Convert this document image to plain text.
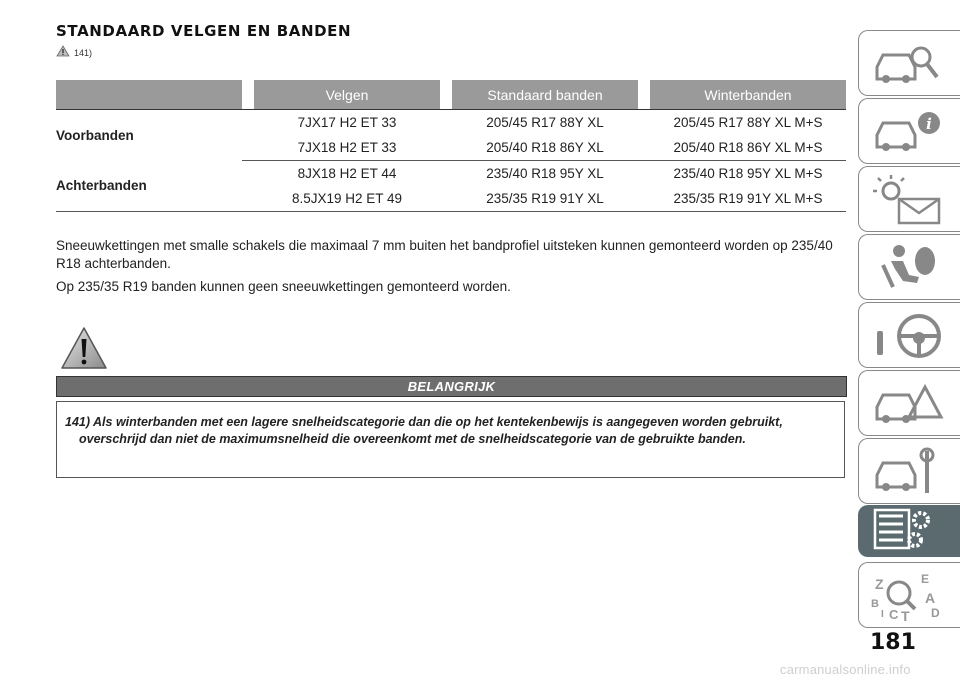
STANDAARD VELGEN EN BANDEN
141)
		Velgen		Standaard banden		Winterbanden
Voorbanden		7JX17 H2 ET 33		205/45 R17 88Y XL		205/45 R17 88Y XL M+S
		7JX18 H2 ET 33		205/40 R18 86Y XL		205/40 R18 86Y XL M+S
Achterbanden		8JX18 H2 ET 44		235/40 R18 95Y XL		235/40 R18 95Y XL M+S
		8.5JX19 H2 ET 49		235/35 R19 91Y XL		235/35 R19 91Y XL M+S
Sneeuwkettingen met smalle schakels die maximaal 7 mm buiten het bandprofiel uitsteken kunnen gemonteerd worden op 235/40 R18 achterbanden.
Op 235/35 R19 banden kunnen geen sneeuwkettingen gemonteerd worden.
BELANGRIJK
141) Als winterbanden met een lagere snelheidscategorie dan die op het kentekenbewijs is aangegeven worden gebruikt, overschrijd dan niet de maximumsnelheid die overeenkomt met de snelheidscategorie van de gebruikte banden.
i
Z	E
B	A
D
C T
I
181
carmanualsonline.info
